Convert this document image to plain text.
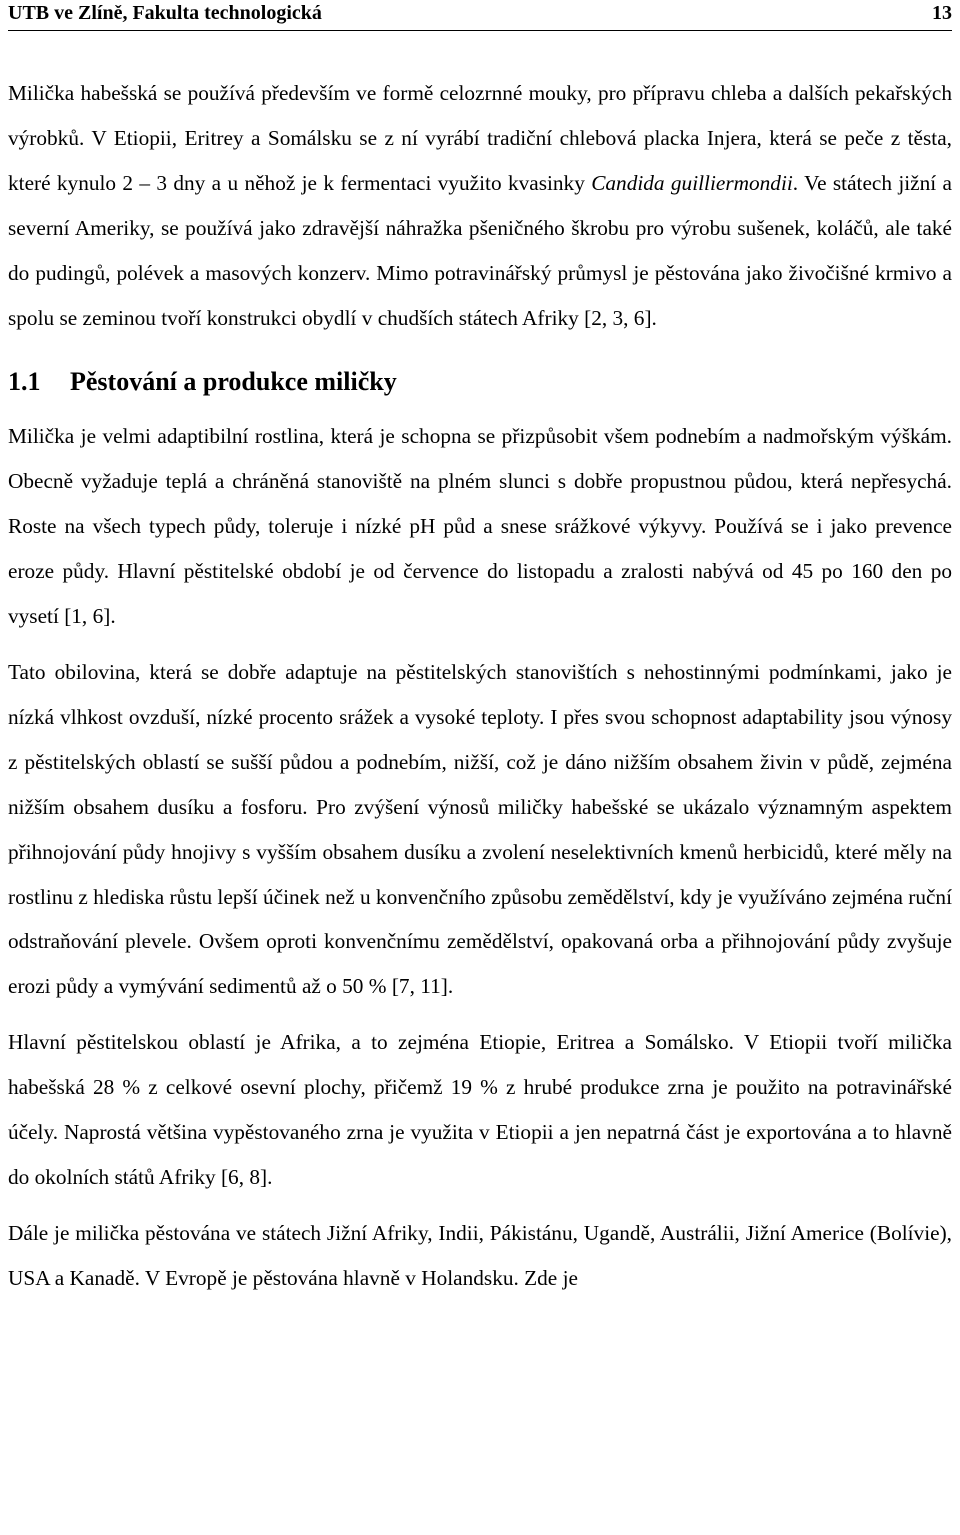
UTB ve Zlíně, Fakulta technologická	13

Milička habešská se používá především ve formě celozrnné mouky, pro přípravu chleba a dalších pekařských výrobků. V Etiopii, Eritrey a Somálsku se z ní vyrábí tradiční chlebová placka Injera, která se peče z těsta, které kynulo 2 – 3 dny a u něhož je k fermentaci využito kvasinky Candida guilliermondii. Ve státech jižní a severní Ameriky, se používá jako zdravější náhražka pšeničného škrobu pro výrobu sušenek, koláčů, ale také do pudingů, polévek a masových konzerv. Mimo potravinářský průmysl je pěstována jako živočišné krmivo a spolu se zeminou tvoří konstrukci obydlí v chudších státech Afriky [2, 3, 6].

1.1 Pěstování a produkce miličky

Milička je velmi adaptibilní rostlina, která je schopna se přizpůsobit všem podnebím a nadmořským výškám. Obecně vyžaduje teplá a chráněná stanoviště na plném slunci s dobře propustnou půdou, která nepřesychá. Roste na všech typech půdy, toleruje i nízké pH půd a snese srážkové výkyvy. Používá se i jako prevence eroze půdy. Hlavní pěstitelské období je od července do listopadu a zralosti nabývá od 45 po 160 den po vysetí [1, 6].

Tato obilovina, která se dobře adaptuje na pěstitelských stanovištích s nehostinnými podmínkami, jako je nízká vlhkost ovzduší, nízké procento srážek a vysoké teploty. I přes svou schopnost adaptability jsou výnosy z pěstitelských oblastí se sušší půdou a podnebím, nižší, což je dáno nižším obsahem živin v půdě, zejména nižším obsahem dusíku a fosforu. Pro zvýšení výnosů miličky habešské se ukázalo významným aspektem přihnojování půdy hnojivy s vyšším obsahem dusíku a zvolení neselektivních kmenů herbicidů, které měly na rostlinu z hlediska růstu lepší účinek než u konvenčního způsobu zemědělství, kdy je využíváno zejména ruční odstraňování plevele. Ovšem oproti konvenčnímu zemědělství, opakovaná orba a přihnojování půdy zvyšuje erozi půdy a vymývání sedimentů až o 50 % [7, 11].

Hlavní pěstitelskou oblastí je Afrika, a to zejména Etiopie, Eritrea a Somálsko. V Etiopii tvoří milička habešská 28 % z celkové osevní plochy, přičemž 19 % z hrubé produkce zrna je použito na potravinářské účely. Naprostá většina vypěstovaného zrna je využita v Etiopii a jen nepatrná část je exportována a to hlavně do okolních států Afriky [6, 8].

Dále je milička pěstována ve státech Jižní Afriky, Indii, Pákistánu, Ugandě, Austrálii, Jižní Americe (Bolívie), USA a Kanadě. V Evropě je pěstována hlavně v Holandsku. Zde je
